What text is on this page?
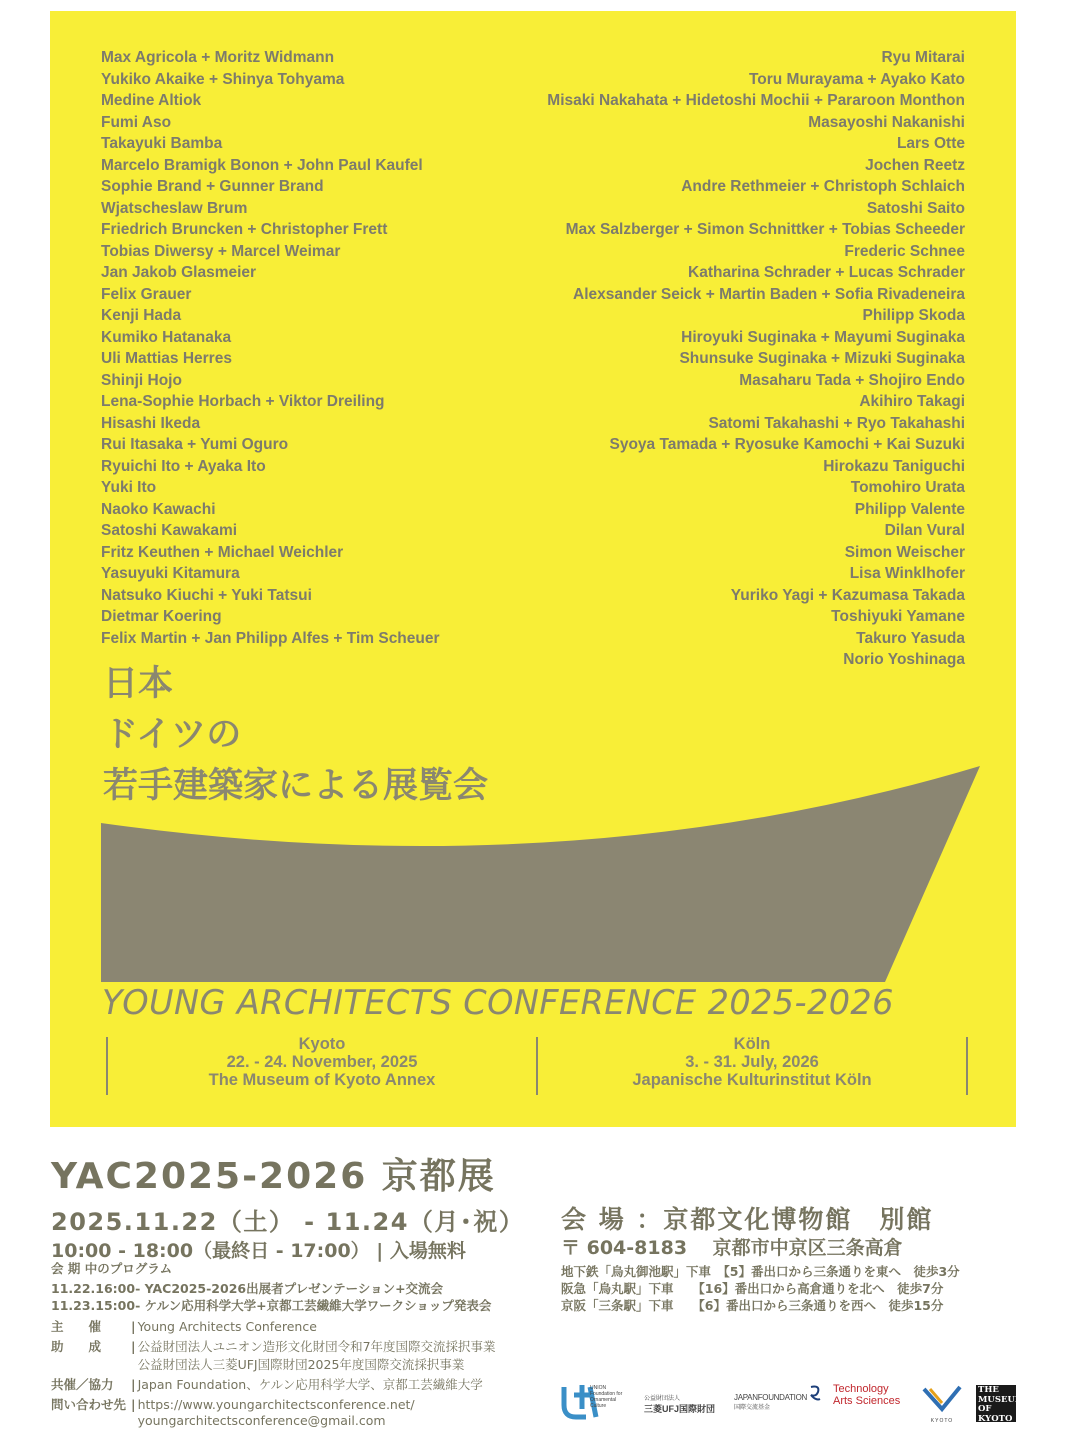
Max Agricola + Moritz Widmann
Yukiko Akaike + Shinya Tohyama
Medine Altiok
Fumi Aso
Takayuki Bamba
Marcelo Bramigk Bonon + John Paul Kaufel
Sophie Brand + Gunner Brand
Wjatscheslaw Brum
Friedrich Bruncken + Christopher Frett
Tobias Diwersy + Marcel Weimar
Jan Jakob Glasmeier
Felix Grauer
Kenji Hada
Kumiko Hatanaka
Uli Mattias Herres
Shinji Hojo
Lena-Sophie Horbach + Viktor Dreiling
Hisashi Ikeda
Rui Itasaka + Yumi Oguro
Ryuichi Ito + Ayaka Ito
Yuki Ito
Naoko Kawachi
Satoshi Kawakami
Fritz Keuthen + Michael Weichler
Yasuyuki Kitamura
Natsuko Kiuchi + Yuki Tatsui
Dietmar Koering
Felix Martin + Jan Philipp Alfes + Tim Scheuer
Ryu Mitarai
Toru Murayama + Ayako Kato
Misaki Nakahata + Hidetoshi Mochii + Pararoon Monthon
Masayoshi Nakanishi
Lars Otte
Jochen Reetz
Andre Rethmeier + Christoph Schlaich
Satoshi Saito
Max Salzberger + Simon Schnittker + Tobias Scheeder
Frederic Schnee
Katharina Schrader + Lucas Schrader
Alexsander Seick + Martin Baden + Sofia Rivadeneira
Philipp Skoda
Hiroyuki Suginaka + Mayumi Suginaka
Shunsuke Suginaka + Mizuki Suginaka
Masaharu Tada + Shojiro Endo
Akihiro Takagi
Satomi Takahashi + Ryo Takahashi
Syoya Tamada + Ryosuke Kamochi + Kai Suzuki
Hirokazu Taniguchi
Tomohiro Urata
Philipp Valente
Dilan Vural
Simon Weischer
Lisa Winklhofer
Yuriko Yagi + Kazumasa Takada
Toshiyuki Yamane
Takuro Yasuda
Norio Yoshinaga
日本
ドイツの
若手建築家による展覧会
YOUNG ARCHITECTS CONFERENCE 2025-2026
Kyoto
22. - 24. November, 2025
The Museum of Kyoto Annex
Köln
3. - 31. July, 2026
Japanische Kulturinstitut Köln
YAC2025-2026 京都展
2025.11.22（土） - 11.24（月･祝）
10:00 - 18:00（最終日 - 17:00） | 入場無料
会 期 中のプログラム
11.22.16:00- YAC2025-2026出展者プレゼンテーション+交流会
11.23.15:00- ケルン応用科学大学+京都工芸繊維大学ワークショップ発表会
主　　催 | Young Architects Conference
助　　成 | 公益財団法人ユニオン造形文化財団令和7年度国際交流採択事業
公益財団法人三菱UFJ国際財団2025年度国際交流採択事業
共催／協力 | Japan Foundation、ケルン応用科学大学、京都工芸繊維大学
問い合わせ先 | https://www.youngarchitectsconference.net/
youngarchitectsconference@gmail.com
会 場 ：京都文化博物館　別館
〒 604-8183　 京都市中京区三条高倉
地下鉄「烏丸御池駅」下車　【5】番出口から三条通りを東へ　徒歩3分
阪急「烏丸駅」下車　　【16】番出口から高倉通りを北へ　徒歩7分
京阪「三条駅」下車　　【6】番出口から三条通りを西へ　徒歩15分
UNION Foundation for Ornamental Culture
公益財団法人
三菱UFJ国際財団
JAPANFOUNDATION
国際交流基金
Technology
Arts Sciences
KYOTO
THE
MUSEUM
OF KYOTO
